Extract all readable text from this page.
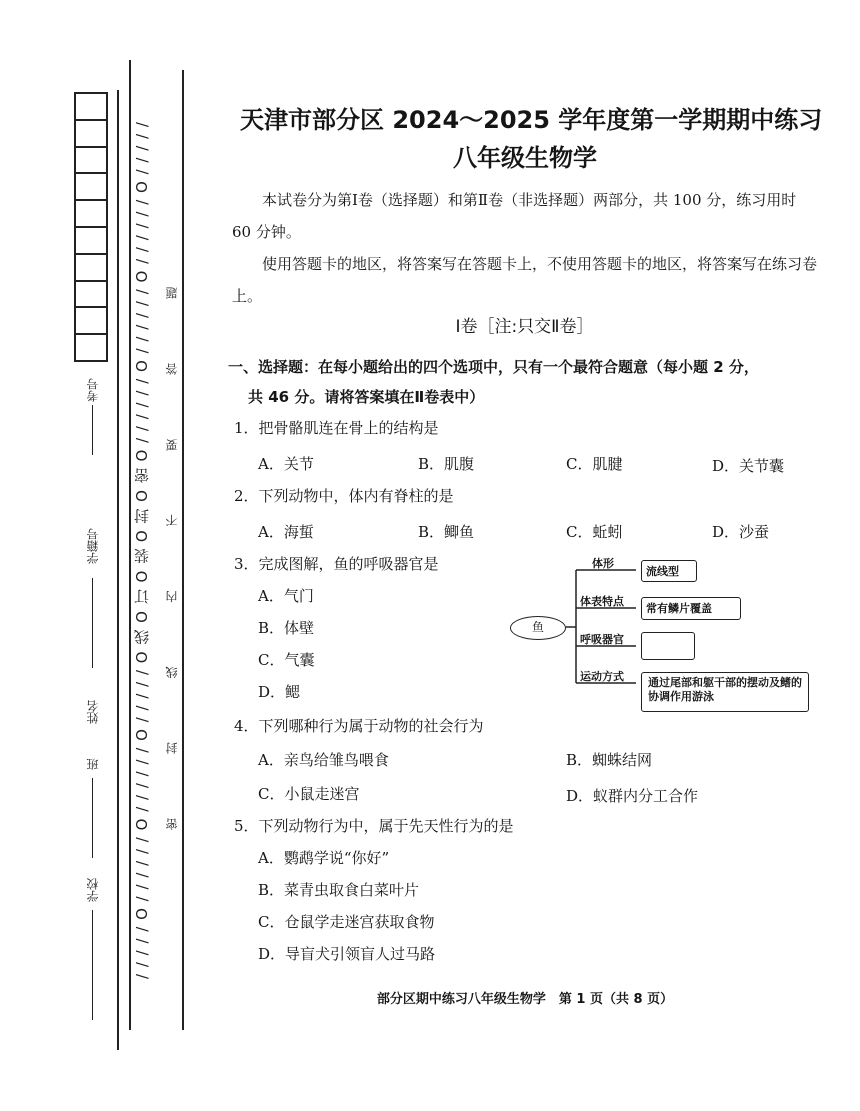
考号
学籍号
姓名
班
学校 / / / / / O / / / / / / O / / / / / / O / / / / / O 线 O 订 O 装 O 封 O 密 O / / / / / / O / / / / / / O / / / / / / O / / / / / 密 封 线 内 不 要 答 题
天津市部分区 2024～2025 学年度第一学期期中练习
八年级生物学
本试卷分为第Ⅰ卷（选择题）和第Ⅱ卷（非选择题）两部分，共 100 分，练习用时 60 分钟。
使用答题卡的地区，将答案写在答题卡上，不使用答题卡的地区，将答案写在练习卷上。
Ⅰ卷［注:只交Ⅱ卷］
一、选择题：在每小题给出的四个选项中，只有一个最符合题意（每小题 2 分，
共 46 分。请将答案填在Ⅱ卷表中）
1．把骨骼肌连在骨上的结构是
A．关节	B．肌腹	C．肌腱	D．关节囊
2．下列动物中，体内有脊柱的是
A．海蜇	B．鲫鱼	C．蚯蚓	D．沙蚕
3．完成图解，鱼的呼吸器官是
A．气门
B．体壁
C．气囊
D．鳃
鱼
体形
流线型
体表特点
常有鳞片覆盖
呼吸器官
运动方式	通过尾部和躯干部的摆动及鳍的协调作用游泳
4．下列哪种行为属于动物的社会行为
A．亲鸟给雏鸟喂食	B．蜘蛛结网
C．小鼠走迷宫	D．蚁群内分工合作
5．下列动物行为中，属于先天性行为的是
A．鹦鹉学说“你好”
B．菜青虫取食白菜叶片
C．仓鼠学走迷宫获取食物
D．导盲犬引领盲人过马路
部分区期中练习八年级生物学　第 1 页（共 8 页）
